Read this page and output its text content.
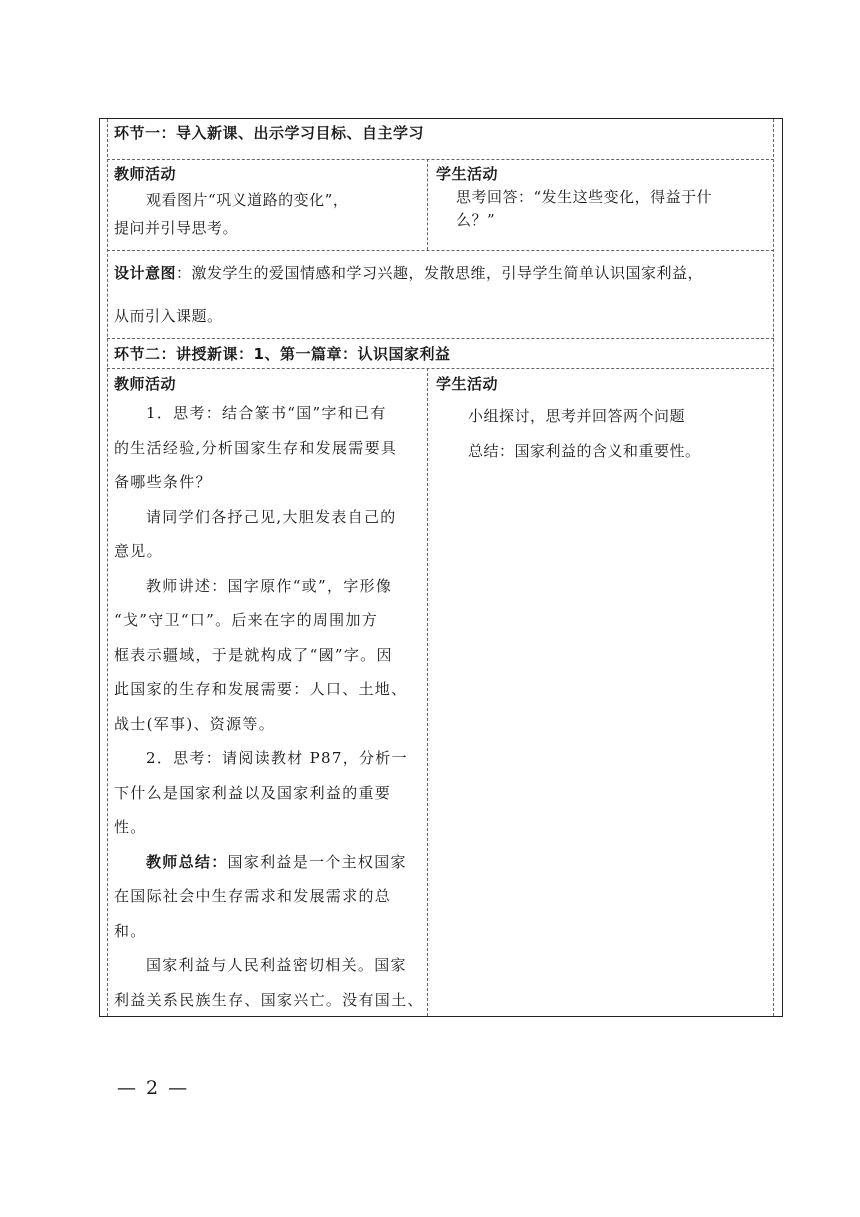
环节一：导入新课、出示学习目标、自主学习
教师活动
观看图片“巩义道路的变化”，
提问并引导思考。
学生活动
思考回答：“发生这些变化，得益于什
么？”
设计意图：激发学生的爱国情感和学习兴趣，发散思维，引导学生简单认识国家利益，
从而引入课题。
环节二：讲授新课：1、第一篇章：认识国家利益
教师活动	学生活动
小组探讨，思考并回答两个问题
总结：国家利益的含义和重要性。
1．思考：结合篆书“国”字和已有
的生活经验,分析国家生存和发展需要具
备哪些条件？
请同学们各抒己见,大胆发表自己的
意见。
教师讲述：国字原作“或”，字形像
“戈”守卫“口”。后来在字的周围加方
框表示疆域，于是就构成了“國”字。因
此国家的生存和发展需要：人口、土地、
战士(军事)、资源等。
2．思考：请阅读教材 P87，分析一
下什么是国家利益以及国家利益的重要
性。
教师总结：国家利益是一个主权国家
在国际社会中生存需求和发展需求的总
和。
国家利益与人民利益密切相关。国家
利益关系民族生存、国家兴亡。没有国土、
— 2 —
